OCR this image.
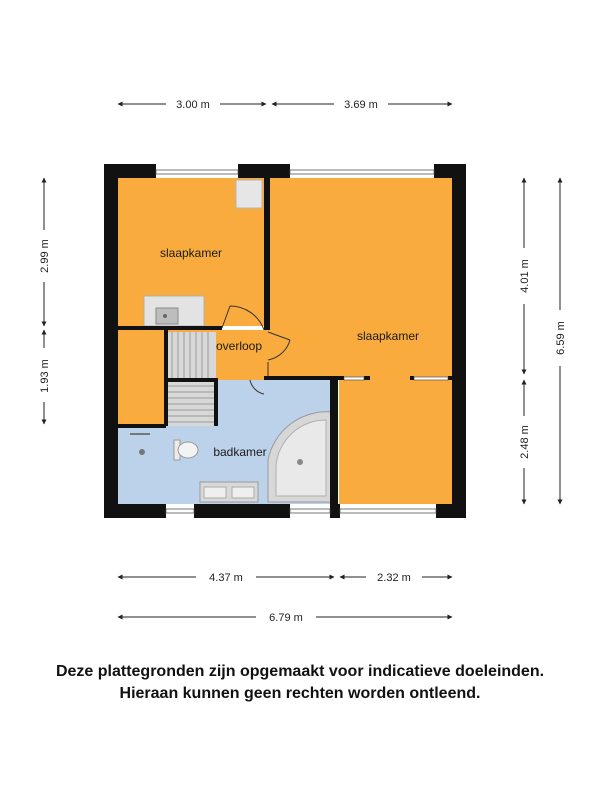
slaapkamer
slaapkamer
overloop
badkamer
3.00 m	3.69 m
2.99 m
1.93 m
4.01 m
2.48 m
6.59 m
4.37 m	2.32 m
6.79 m
Deze plattegronden zijn opgemaakt voor indicatieve doeleinden.
Hieraan kunnen geen rechten worden ontleend.
